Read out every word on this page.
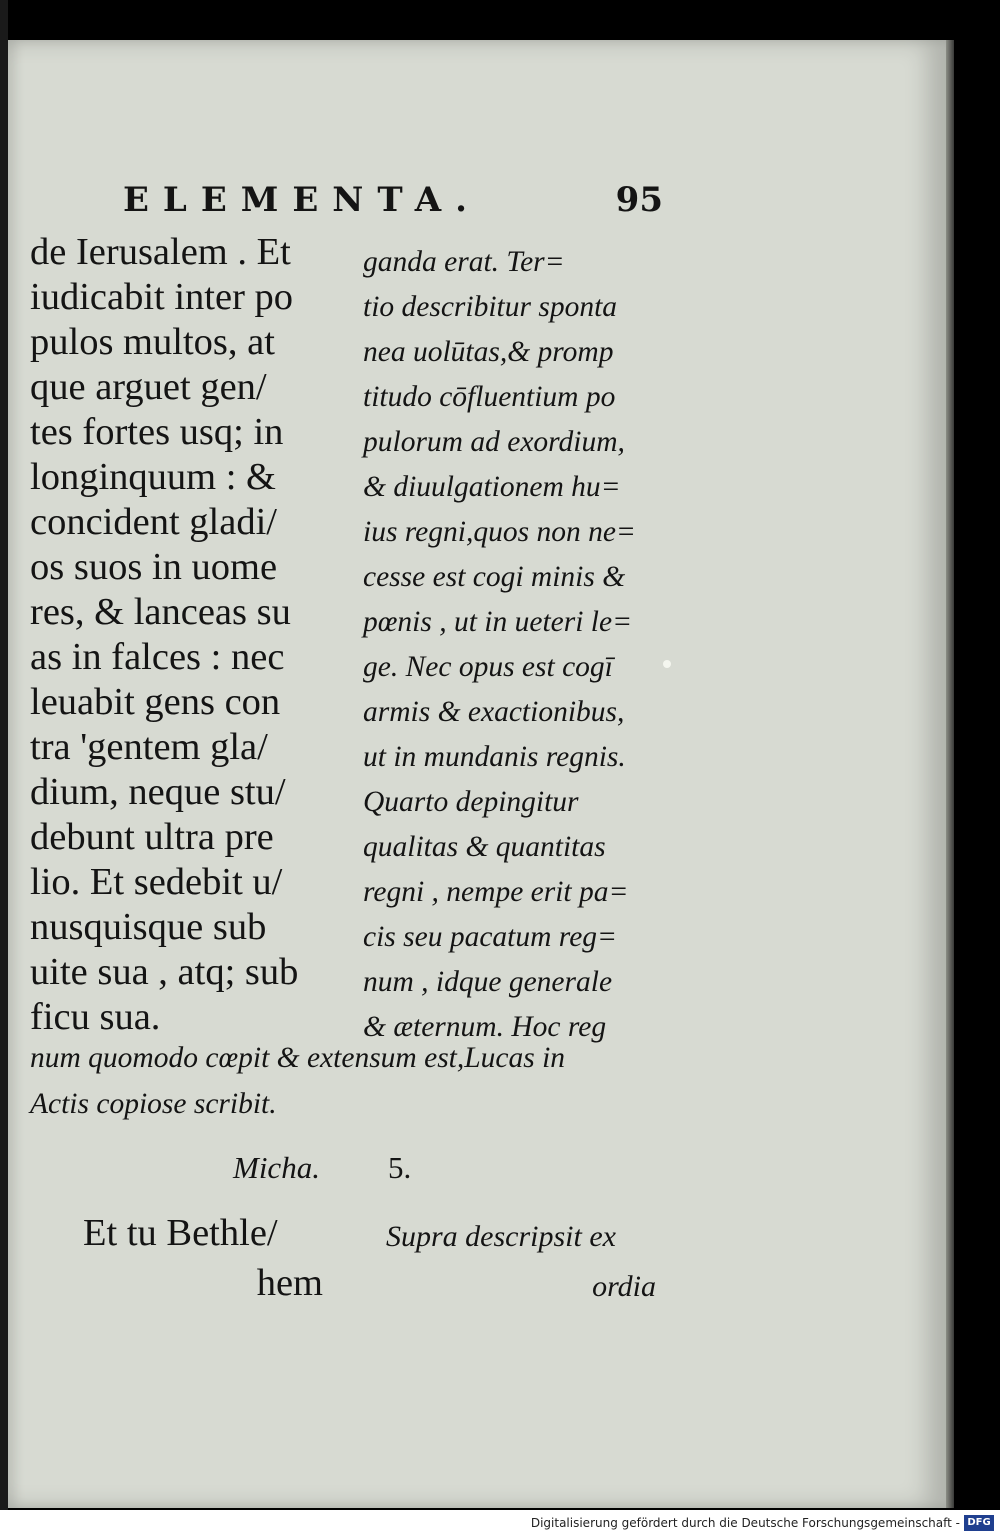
ELEMENTA.	95
de Ierusalem . Et
iudicabit inter po
pulos multos, at
que arguet gen/
tes fortes usq; in
longinquum : &
concident gladi/
os suos in uome
res, & lanceas su
as in falces : nec
leuabit gens con
tra 'gentem gla/
dium, neque stu/
debunt ultra pre
lio. Et sedebit u/
nusquisque sub
uite sua , atq; sub
ficu sua.
ganda erat. Ter=
tio describitur sponta
nea uolūtas,& promp
titudo cōfluentium po
pulorum ad exordium,
& diuulgationem hu=
ius regni,quos non ne=
cesse est cogi minis &
pœnis , ut in ueteri le=
ge. Nec opus est cogī
armis & exactionibus,
ut in mundanis regnis.
Quarto depingitur
qualitas & quantitas
regni , nempe erit pa=
cis seu pacatum reg=
num , idque generale
& æternum. Hoc reg
num quomodo cœpit & extensum est,Lucas in
Actis copiose scribit.
Micha. 5.
Et tu Bethle/
hem
Supra descripsit ex
ordia
Digitalisierung gefördert durch die Deutsche Forschungsgemeinschaft - DFG
